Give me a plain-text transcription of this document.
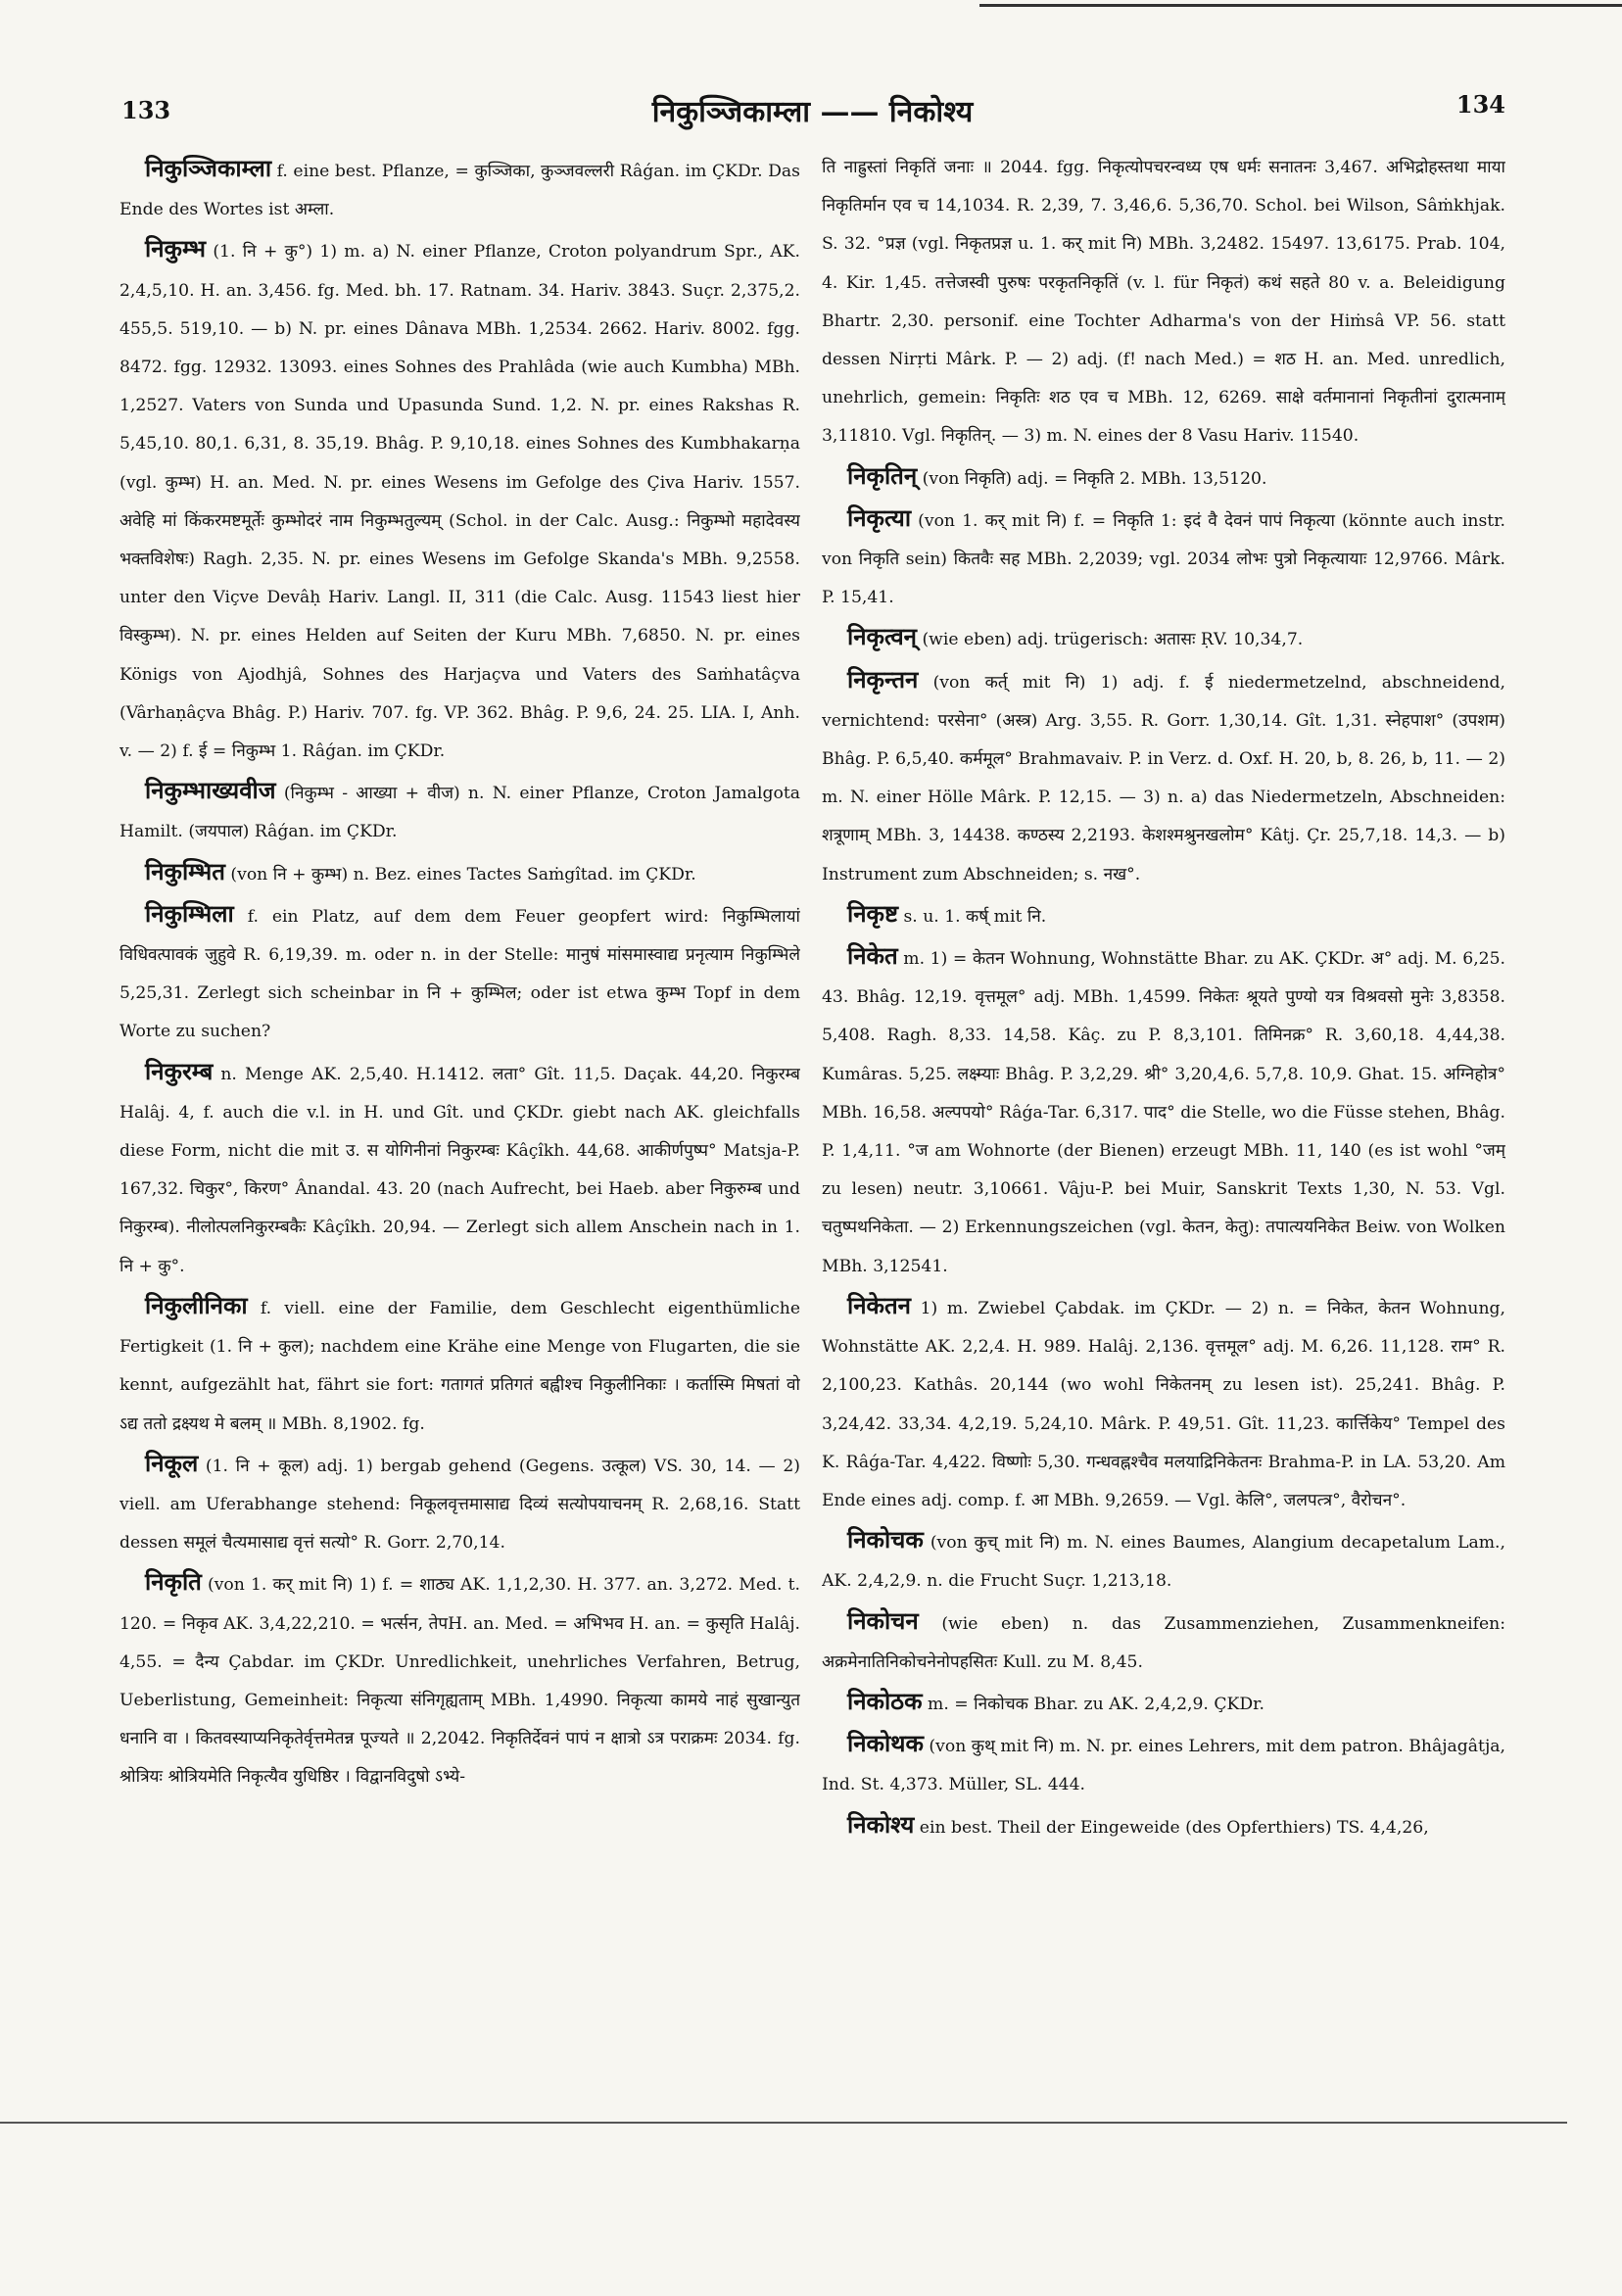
133	निकुञ्जिकाम्ला —— निकोश्य	134

निकुञ्जिकाम्ला f. eine best. Pflanze, = कुञ्जिका, कुञ्जवल्लरी Râǵan. im ÇKDr. Das Ende des Wortes ist अम्ला.

निकुम्भ (1. नि + कु°) 1) m. a) N. einer Pflanze, Croton polyandrum Spr., AK. 2,4,5,10. H. an. 3,456. fg. Med. bh. 17. Ratnam. 34. Hariv. 3843. Suçr. 2,375,2. 455,5. 519,10. — b) N. pr. eines Dânava MBh. 1,2534. 2662. Hariv. 8002. fgg. 8472. fgg. 12932. 13093. eines Sohnes des Prahlâda (wie auch Kumbha) MBh. 1,2527. Vaters von Sunda und Upasunda Sund. 1,2. N. pr. eines Rakshas R. 5,45,10. 80,1. 6,31, 8. 35,19. Bhâg. P. 9,10,18. eines Sohnes des Kumbhakarṇa (vgl. कुम्भ) H. an. Med. N. pr. eines Wesens im Gefolge des Çiva Hariv. 1557. अवेहि मां किंकरमष्टमूर्तेः कुम्भोदरं नाम निकुम्भतुल्यम् (Schol. in der Calc. Ausg.: निकुम्भो महादेवस्य भक्तविशेषः) Ragh. 2,35. N. pr. eines Wesens im Gefolge Skanda's MBh. 9,2558. unter den Viçve Devâḥ Hariv. Langl. II, 311 (die Calc. Ausg. 11543 liest hier विस्कुम्भ). N. pr. eines Helden auf Seiten der Kuru MBh. 7,6850. N. pr. eines Königs von Ajodhjâ, Sohnes des Harjaçva und Vaters des Saṁhatâçva (Vârhaṇâçva Bhâg. P.) Hariv. 707. fg. VP. 362. Bhâg. P. 9,6, 24. 25. LIA. I, Anh. v. — 2) f. ई = निकुम्भ 1. Râǵan. im ÇKDr.

निकुम्भाख्यवीज (निकुम्भ - आख्या + वीज) n. N. einer Pflanze, Croton Jamalgota Hamilt. (जयपाल) Râǵan. im ÇKDr.

निकुम्भित (von नि + कुम्भ) n. Bez. eines Tactes Saṁgîtad. im ÇKDr.

निकुम्भिला f. ein Platz, auf dem dem Feuer geopfert wird: निकुम्भिलायां विधिवत्पावकं जुहुवे R. 6,19,39. m. oder n. in der Stelle: मानुषं मांसमास्वाद्य प्रनृत्याम निकुम्भिले 5,25,31. Zerlegt sich scheinbar in नि + कुम्भिल; oder ist etwa कुम्भ Topf in dem Worte zu suchen?

निकुरम्ब n. Menge AK. 2,5,40. H.1412. लता° Gît. 11,5. Daçak. 44,20. निकुरम्ब Halâj. 4, f. auch die v.l. in H. und Gît. und ÇKDr. giebt nach AK. gleichfalls diese Form, nicht die mit उ. स योगिनीनां निकुरम्बः Kâçîkh. 44,68. आकीर्णपुष्प° Matsja-P. 167,32. चिकुर°, किरण° Ânandal. 43. 20 (nach Aufrecht, bei Haeb. aber निकुरुम्ब und निकुरम्ब). नीलोत्पलनिकुरम्बकैः Kâçîkh. 20,94. — Zerlegt sich allem Anschein nach in 1. नि + कु°.

निकुलीनिका f. viell. eine der Familie, dem Geschlecht eigenthümliche Fertigkeit (1. नि + कुल); nachdem eine Krähe eine Menge von Flugarten, die sie kennt, aufgezählt hat, fährt sie fort: गतागतं प्रतिगतं बह्वीश्च निकुलीनिकाः । कर्तास्मि मिषतां वो ऽद्य ततो द्रक्ष्यथ मे बलम् ॥ MBh. 8,1902. fg.

निकूल (1. नि + कूल) adj. 1) bergab gehend (Gegens. उत्कूल) VS. 30, 14. — 2) viell. am Uferabhange stehend: निकूलवृत्तमासाद्य दिव्यं सत्योपयाचनम् R. 2,68,16. Statt dessen समूलं चैत्यमासाद्य वृत्तं सत्यो° R. Gorr. 2,70,14.

निकृति (von 1. कर् mit नि) 1) f. = शाठ्य AK. 1,1,2,30. H. 377. an. 3,272. Med. t. 120. = निकृव AK. 3,4,22,210. = भर्त्सन, तेपH. an. Med. = अभिभव H. an. = कुसृति Halâj. 4,55. = दैन्य Çabdar. im ÇKDr. Unredlichkeit, unehrliches Verfahren, Betrug, Ueberlistung, Gemeinheit: निकृत्या संनिगृह्यताम् MBh. 1,4990. निकृत्या कामये नाहं सुखान्युत धनानि वा । कितवस्याप्यनिकृतेर्वृत्तमेतन्न पूज्यते ॥ 2,2042. निकृतिर्देवनं पापं न क्षात्रो ऽत्र पराक्रमः 2034. fg. श्रोत्रियः श्रोत्रियमेति निकृत्यैव युधिष्ठिर । विद्वानविदुषो ऽभ्ये-

ति नाह्रुस्तां निकृतिं जनाः ॥ 2044. fgg. निकृत्योपचरन्वध्य एष धर्मः सनातनः 3,467. अभिद्रोहस्तथा माया निकृतिर्मान एव च 14,1034. R. 2,39, 7. 3,46,6. 5,36,70. Schol. bei Wilson, Sâṁkhjak. S. 32. °प्रज्ञ (vgl. निकृतप्रज्ञ u. 1. कर् mit नि) MBh. 3,2482. 15497. 13,6175. Prab. 104, 4. Kir. 1,45. तत्तेजस्वी पुरुषः परकृतनिकृतिं (v. l. für निकृतं) कथं सहते 80 v. a. Beleidigung Bhartr. 2,30. personif. eine Tochter Adharma's von der Hiṁsâ VP. 56. statt dessen Nirṛti Mârk. P. — 2) adj. (f! nach Med.) = शठ H. an. Med. unredlich, unehrlich, gemein: निकृतिः शठ एव च MBh. 12, 6269. साक्षे वर्तमानानां निकृतीनां दुरात्मनाम् 3,11810. Vgl. निकृतिन्. — 3) m. N. eines der 8 Vasu Hariv. 11540.

निकृतिन् (von निकृति) adj. = निकृति 2. MBh. 13,5120.

निकृत्या (von 1. कर् mit नि) f. = निकृति 1: इदं वै देवनं पापं निकृत्या (könnte auch instr. von निकृति sein) कितवैः सह MBh. 2,2039; vgl. 2034 लोभः पुत्रो निकृत्यायाः 12,9766. Mârk. P. 15,41.

निकृत्वन् (wie eben) adj. trügerisch: अतासः ṚV. 10,34,7.

निकृन्तन (von कर्त् mit नि) 1) adj. f. ई niedermetzelnd, abschneidend, vernichtend: परसेना° (अस्त्र) Arg. 3,55. R. Gorr. 1,30,14. Gît. 1,31. स्नेहपाश° (उपशम) Bhâg. P. 6,5,40. कर्ममूल° Brahmavaiv. P. in Verz. d. Oxf. H. 20, b, 8. 26, b, 11. — 2) m. N. einer Hölle Mârk. P. 12,15. — 3) n. a) das Niedermetzeln, Abschneiden: शत्रूणाम् MBh. 3, 14438. कण्ठस्य 2,2193. केशश्मश्रुनखलोम° Kâtj. Çr. 25,7,18. 14,3. — b) Instrument zum Abschneiden; s. नख°.

निकृष्ट s. u. 1. कर्ष् mit नि.

निकेत m. 1) = केतन Wohnung, Wohnstätte Bhar. zu AK. ÇKDr. अ° adj. M. 6,25. 43. Bhâg. 12,19. वृत्तमूल° adj. MBh. 1,4599. निकेतः श्रूयते पुण्यो यत्र विश्रवसो मुनेः 3,8358. 5,408. Ragh. 8,33. 14,58. Kâç. zu P. 8,3,101. तिमिनक्र° R. 3,60,18. 4,44,38. Kumâras. 5,25. लक्ष्म्याः Bhâg. P. 3,2,29. श्री° 3,20,4,6. 5,7,8. 10,9. Ghat. 15. अग्निहोत्र° MBh. 16,58. अल्पपयो° Râǵa-Tar. 6,317. पाद° die Stelle, wo die Füsse stehen, Bhâg. P. 1,4,11. °ज am Wohnorte (der Bienen) erzeugt MBh. 11, 140 (es ist wohl °जम् zu lesen) neutr. 3,10661. Vâju-P. bei Muir, Sanskrit Texts 1,30, N. 53. Vgl. चतुष्पथनिकेता. — 2) Erkennungszeichen (vgl. केतन, केतु): तपात्ययनिकेत Beiw. von Wolken MBh. 3,12541.

निकेतन 1) m. Zwiebel Çabdak. im ÇKDr. — 2) n. = निकेत, केतन Wohnung, Wohnstätte AK. 2,2,4. H. 989. Halâj. 2,136. वृत्तमूल° adj. M. 6,26. 11,128. राम° R. 2,100,23. Kathâs. 20,144 (wo wohl निकेतनम् zu lesen ist). 25,241. Bhâg. P. 3,24,42. 33,34. 4,2,19. 5,24,10. Mârk. P. 49,51. Gît. 11,23. कार्त्तिकेय° Tempel des K. Râǵa-Tar. 4,422. विष्णोः 5,30. गन्धवह्नश्चैव मलयाद्रिनिकेतनः Brahma-P. in LA. 53,20. Am Ende eines adj. comp. f. आ MBh. 9,2659. — Vgl. केलि°, जलपत्त्र°, वैरोचन°.

निकोचक (von कुच् mit नि) m. N. eines Baumes, Alangium decapetalum Lam., AK. 2,4,2,9. n. die Frucht Suçr. 1,213,18.

निकोचन (wie eben) n. das Zusammenziehen, Zusammenkneifen: अक्रमेनातिनिकोचनेनोपहसितः Kull. zu M. 8,45.

निकोठक m. = निकोचक Bhar. zu AK. 2,4,2,9. ÇKDr.

निकोथक (von कुथ् mit नि) m. N. pr. eines Lehrers, mit dem patron. Bhâjagâtja, Ind. St. 4,373. Müller, SL. 444.

निकोश्य ein best. Theil der Eingeweide (des Opferthiers) TS. 4,4,26,
